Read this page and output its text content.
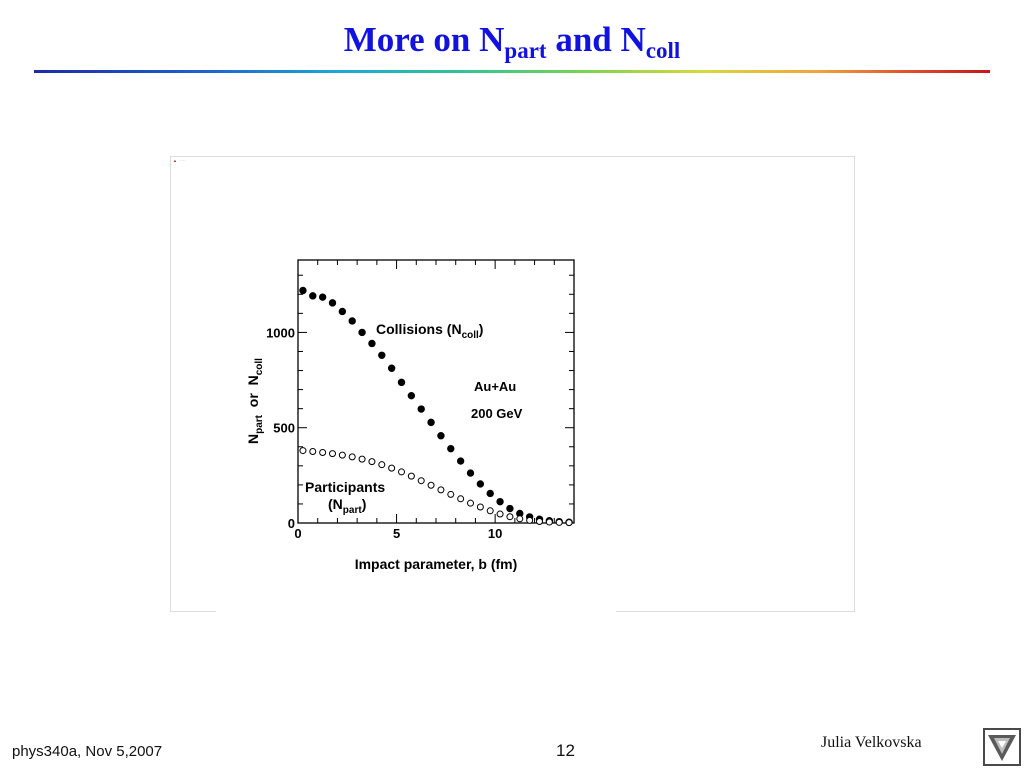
More on $N_{part}$ and $N_{coll}$
▲ ·····
0	5	10
0
500
1000
$N_{part}$  or  $N_{coll}$
Impact parameter, b (fm)
Collisions $(N_{coll})$
Au+Au
200 GeV
Participants
$(N_{part})$
phys340a, Nov 5,2007	12	Julia Velkovska
